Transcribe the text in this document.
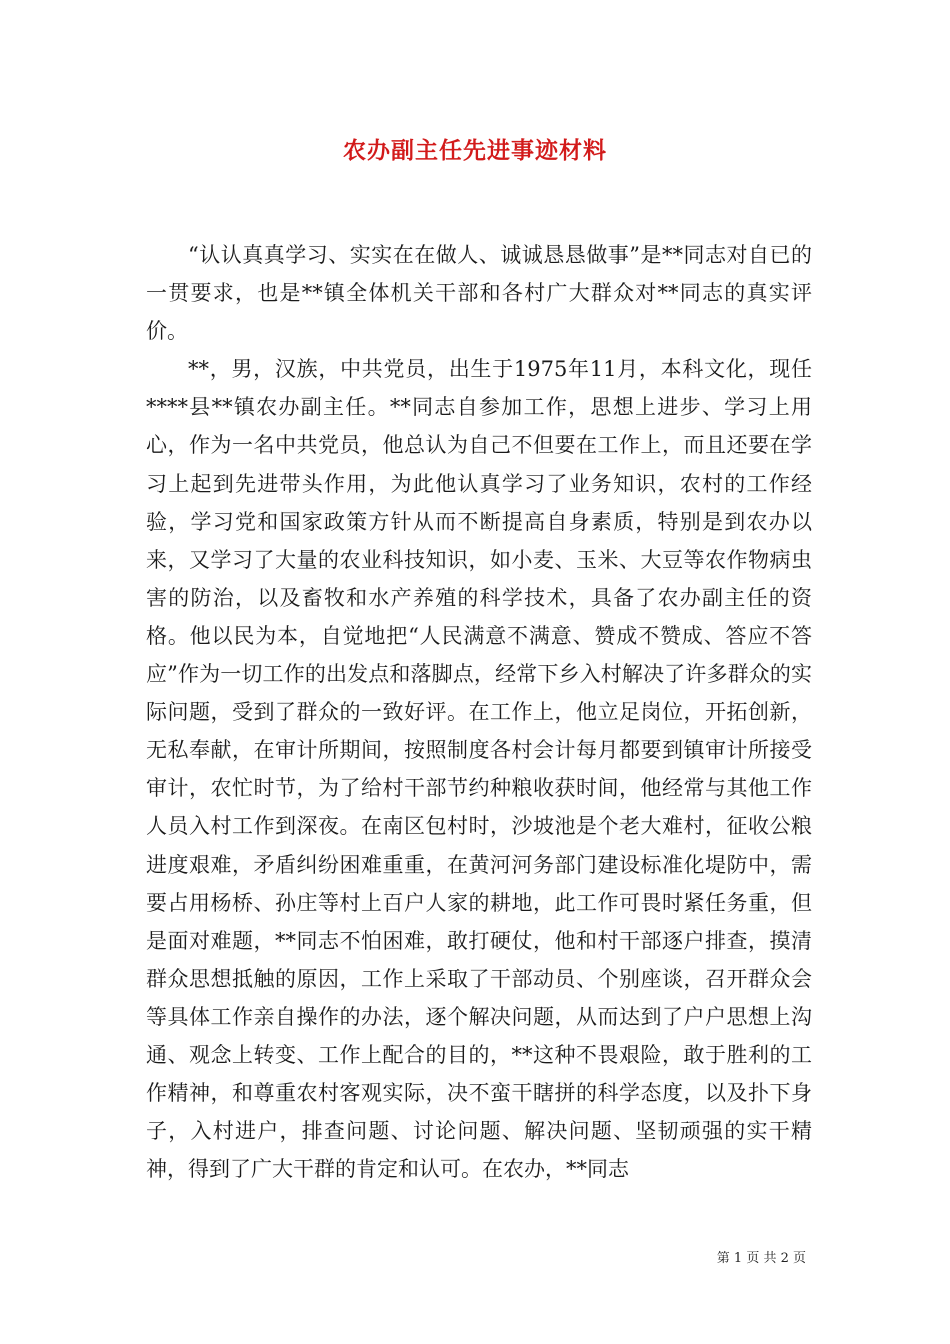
农办副主任先进事迹材料

“认认真真学习、实实在在做人、诚诚恳恳做事”是**同志对自已的一贯要求，也是**镇全体机关干部和各村广大群众对**同志的真实评价。

**，男，汉族，中共党员，出生于1975年11月，本科文化，现任****县**镇农办副主任。**同志自参加工作，思想上进步、学习上用心，作为一名中共党员，他总认为自己不但要在工作上，而且还要在学习上起到先进带头作用，为此他认真学习了业务知识，农村的工作经验，学习党和国家政策方针从而不断提高自身素质，特别是到农办以来，又学习了大量的农业科技知识，如小麦、玉米、大豆等农作物病虫害的防治，以及畜牧和水产养殖的科学技术，具备了农办副主任的资格。他以民为本，自觉地把“人民满意不满意、赞成不赞成、答应不答应”作为一切工作的出发点和落脚点，经常下乡入村解决了许多群众的实际问题，受到了群众的一致好评。在工作上，他立足岗位，开拓创新，无私奉献，在审计所期间，按照制度各村会计每月都要到镇审计所接受审计，农忙时节，为了给村干部节约种粮收获时间，他经常与其他工作人员入村工作到深夜。在南区包村时，沙坡池是个老大难村，征收公粮进度艰难，矛盾纠纷困难重重，在黄河河务部门建设标准化堤防中，需要占用杨桥、孙庄等村上百户人家的耕地，此工作可畏时紧任务重，但是面对难题，**同志不怕困难，敢打硬仗，他和村干部逐户排查，摸清群众思想抵触的原因，工作上采取了干部动员、个别座谈，召开群众会等具体工作亲自操作的办法，逐个解决问题，从而达到了户户思想上沟通、观念上转变、工作上配合的目的，**这种不畏艰险，敢于胜利的工作精神，和尊重农村客观实际，决不蛮干瞎拼的科学态度，以及扑下身子，入村进户，排查问题、讨论问题、解决问题、坚韧顽强的实干精神，得到了广大干群的肯定和认可。在农办，**同志

第 1 页 共 2 页
